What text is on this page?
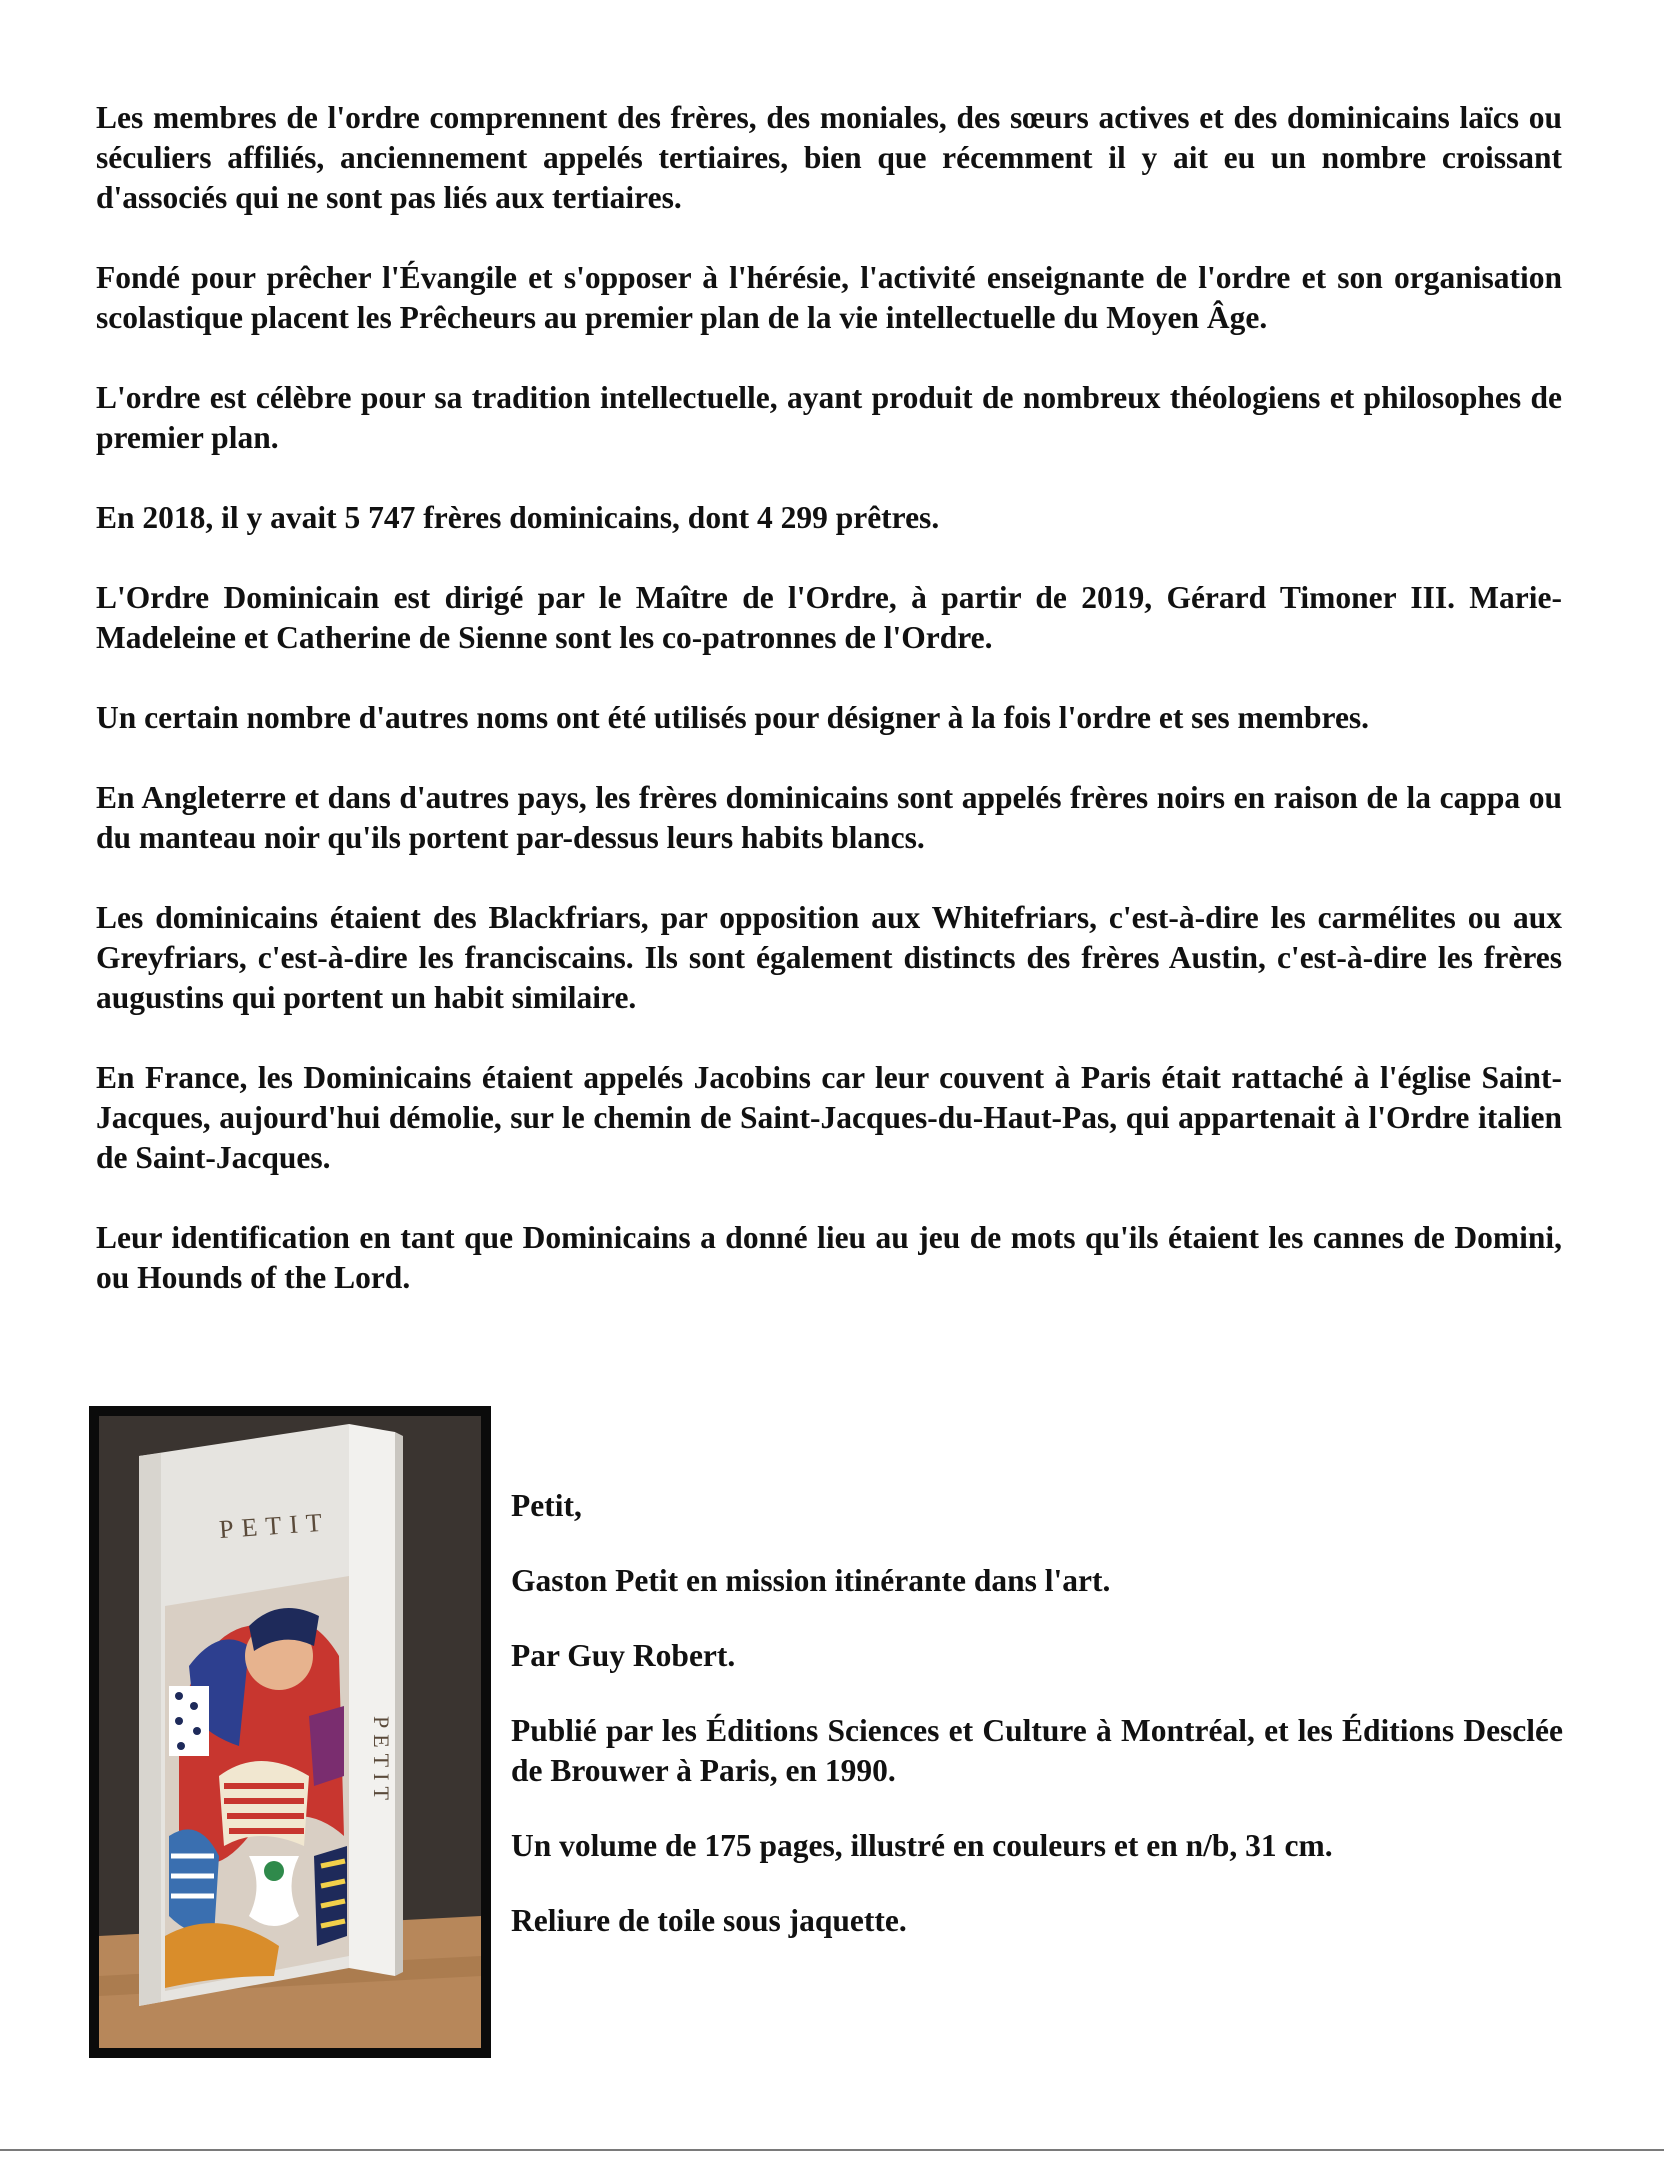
Les membres de l'ordre comprennent des frères, des moniales, des sœurs actives et des dominicains laïcs ou séculiers affiliés, anciennement appelés tertiaires, bien que récemment il y ait eu un nombre croissant d'associés qui ne sont pas liés aux tertiaires.

Fondé pour prêcher l'Évangile et s'opposer à l'hérésie, l'activité enseignante de l'ordre et son organisation scolastique placent les Prêcheurs au premier plan de la vie intellectuelle du Moyen Âge.

L'ordre est célèbre pour sa tradition intellectuelle, ayant produit de nombreux théologiens et philosophes de premier plan.

En 2018, il y avait 5 747 frères dominicains, dont 4 299 prêtres.

L'Ordre Dominicain est dirigé par le Maître de l'Ordre, à partir de 2019, Gérard Timoner III. Marie-Madeleine et Catherine de Sienne sont les co-patronnes de l'Ordre.

Un certain nombre d'autres noms ont été utilisés pour désigner à la fois l'ordre et ses membres.

En Angleterre et dans d'autres pays, les frères dominicains sont appelés frères noirs en raison de la cappa ou du manteau noir qu'ils portent par-dessus leurs habits blancs.

Les dominicains étaient des Blackfriars, par opposition aux Whitefriars, c'est-à-dire les carmélites ou aux Greyfriars, c'est-à-dire les franciscains. Ils sont également distincts des frères Austin, c'est-à-dire les frères augustins qui portent un habit similaire.

En France, les Dominicains étaient appelés Jacobins car leur couvent à Paris était rattaché à l'église Saint-Jacques, aujourd'hui démolie, sur le chemin de Saint-Jacques-du-Haut-Pas, qui appartenait à l'Ordre italien de Saint-Jacques.

Leur identification en tant que Dominicains a donné lieu au jeu de mots qu'ils étaient les cannes de Domini, ou Hounds of the Lord.

PETIT
PETIT

Petit,

Gaston Petit en mission itinérante dans l'art.

Par Guy Robert.

Publié par les Éditions Sciences et Culture à Montréal, et les Éditions Desclée de Brouwer à Paris, en 1990.

Un volume de 175 pages, illustré en couleurs et en n/b, 31 cm.

Reliure de toile sous jaquette.
